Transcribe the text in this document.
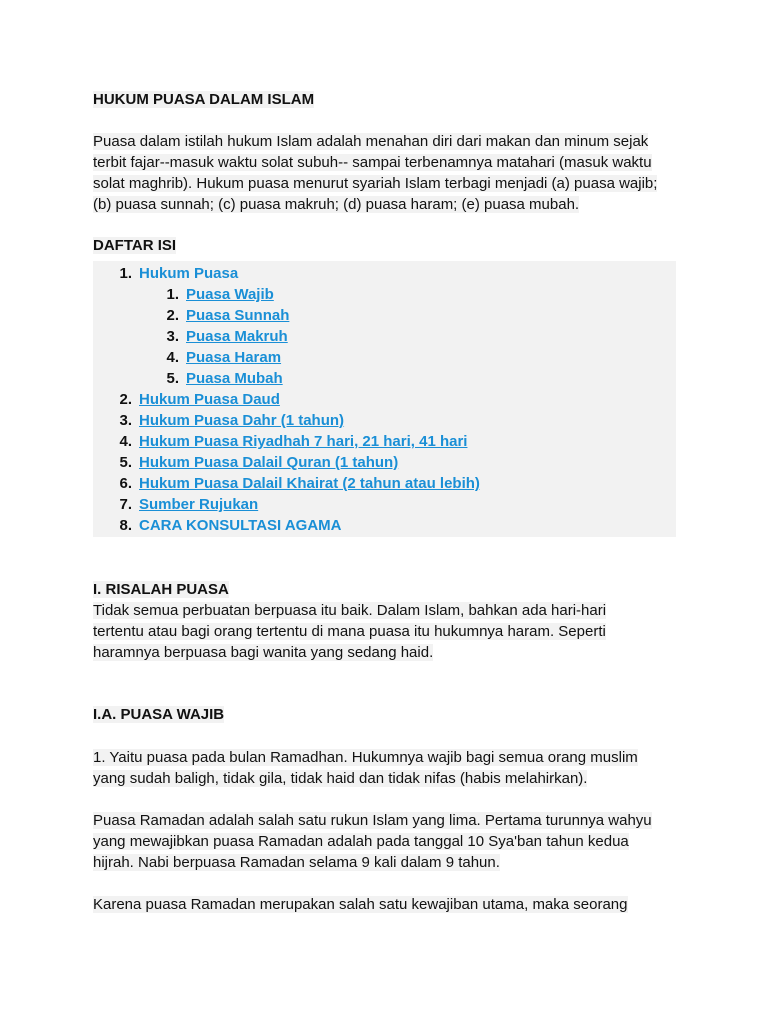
HUKUM PUASA DALAM ISLAM
Puasa dalam istilah hukum Islam adalah menahan diri dari makan dan minum sejak
terbit fajar--masuk waktu solat subuh-- sampai terbenamnya matahari (masuk waktu
solat maghrib). Hukum puasa menurut syariah Islam terbagi menjadi (a) puasa wajib;
(b) puasa sunnah; (c) puasa makruh; (d) puasa haram; (e) puasa mubah.
DAFTAR ISI
1. Hukum Puasa
1. Puasa Wajib
2. Puasa Sunnah
3. Puasa Makruh
4. Puasa Haram
5. Puasa Mubah
2. Hukum Puasa Daud
3. Hukum Puasa Dahr (1 tahun)
4. Hukum Puasa Riyadhah 7 hari, 21 hari, 41 hari
5. Hukum Puasa Dalail Quran (1 tahun)
6. Hukum Puasa Dalail Khairat (2 tahun atau lebih)
7. Sumber Rujukan
8. CARA KONSULTASI AGAMA
I. RISALAH PUASA
Tidak semua perbuatan berpuasa itu baik. Dalam Islam, bahkan ada hari-hari
tertentu atau bagi orang tertentu di mana puasa itu hukumnya haram. Seperti
haramnya berpuasa bagi wanita yang sedang haid.
I.A. PUASA WAJIB
1. Yaitu puasa pada bulan Ramadhan. Hukumnya wajib bagi semua orang muslim
yang sudah baligh, tidak gila, tidak haid dan tidak nifas (habis melahirkan).
Puasa Ramadan adalah salah satu rukun Islam yang lima. Pertama turunnya wahyu
yang mewajibkan puasa Ramadan adalah pada tanggal 10 Sya'ban tahun kedua
hijrah. Nabi berpuasa Ramadan selama 9 kali dalam 9 tahun.
Karena puasa Ramadan merupakan salah satu kewajiban utama, maka seorang
